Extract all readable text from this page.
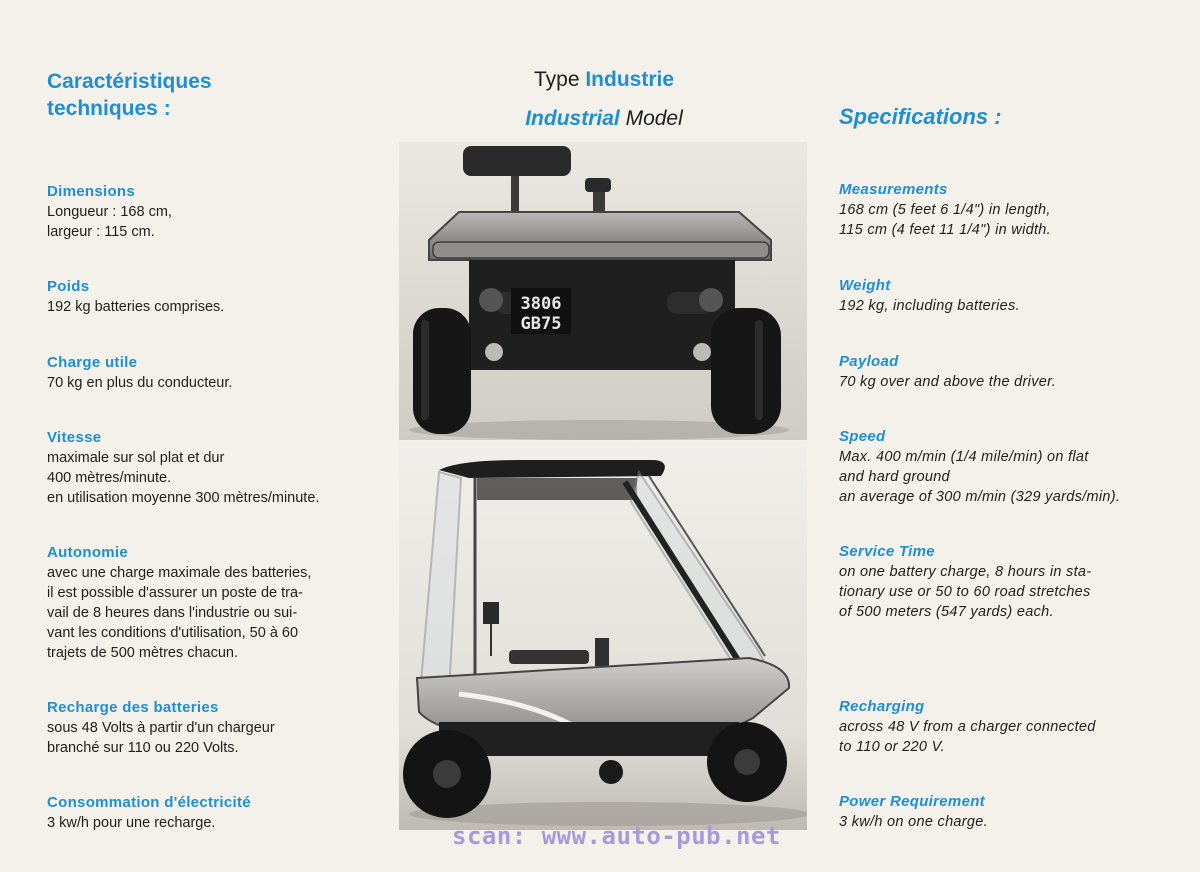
Caractéristiques

techniques :

Dimensions

Longueur : 168 cm,

largeur : 115 cm.

Poids

192 kg batteries comprises.

Charge utile

70 kg en plus du conducteur.

Vitesse

maximale sur sol plat et dur

400 mètres/minute.

en utilisation moyenne 300 mètres/minute.

Autonomie

avec une charge maximale des batteries,

il est possible d'assurer un poste de tra-

vail de 8 heures dans l'industrie ou sui-

vant les conditions d'utilisation, 50 à 60

trajets de 500 mètres chacun.

Recharge des batteries

sous 48 Volts à partir d'un chargeur

branché sur 110 ou 220 Volts.

Consommation d'électricité

3 kw/h pour une recharge.

Type Industrie
Industrial Model
3806
GB75

Specifications :

Measurements

168 cm (5 feet 6 1/4") in length,

115 cm (4 feet 11 1/4") in width.

Weight

192 kg, including batteries.

Payload

70 kg over and above the driver.

Speed

Max. 400 m/min (1/4 mile/min) on flat

and hard ground

an average of 300 m/min (329 yards/min).

Service Time

on one battery charge, 8 hours in sta-

tionary use or 50 to 60 road stretches

of 500 meters (547 yards) each.

Recharging

across 48 V from a charger connected

to 110 or 220 V.

Power Requirement

3 kw/h on one charge.

scan: www.auto-pub.net
